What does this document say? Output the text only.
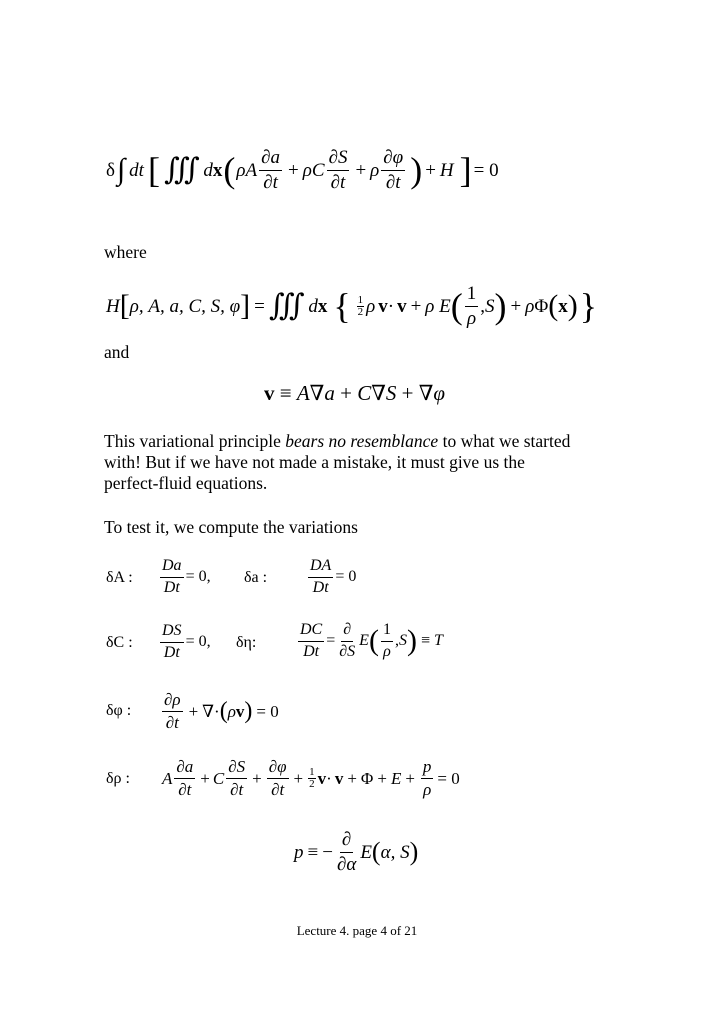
δ ∫ dt [ ∭ d x ( ρA $\frac{\partial a}{\partial t} + \rho C \frac{\partial S}{\partial t} + \rho \frac{\partial\varphi}{\partial t}$ ) + H ] = 0
where
H [ ρ, A, a, C, S, φ ] = ∭ d x { 1
2 ρ v · v + ρ E ( $\frac{1}{\rho}$ , S ) + ρ Φ ( x ) }
and
v ≡ A∇a + C∇S + ∇φ
This variational principle bears no resemblance to what we started
with! But if we have not made a mistake, it must give us the
perfect-fluid equations.
To test it, we compute the variations
δA : $\frac{Da}{Dt} = 0$, δa :	$\frac{DA}{Dt} = 0$
δC : $\frac{DS}{Dt} = 0$, δη:	$\frac{DC}{Dt} = \frac{\partial}{\partial S}$ E ( $\frac{1}{\rho}$ , S ) ≡ T
δφ : $\frac{\partial\rho}{\partial t}$ + ∇· ( ρ v ) = 0
δρ : A $\frac{\partial a}{\partial t} + C \frac{\partial S}{\partial t} + \frac{\partial\varphi}{\partial t} + \frac{1}{2}$ $v \cdot v + \Phi + E + \frac{p}{\rho} = 0$
p ≡ − $\frac{\partial}{\partial\alpha}$ E ( α, S )
Lecture 4. page 4 of 21
